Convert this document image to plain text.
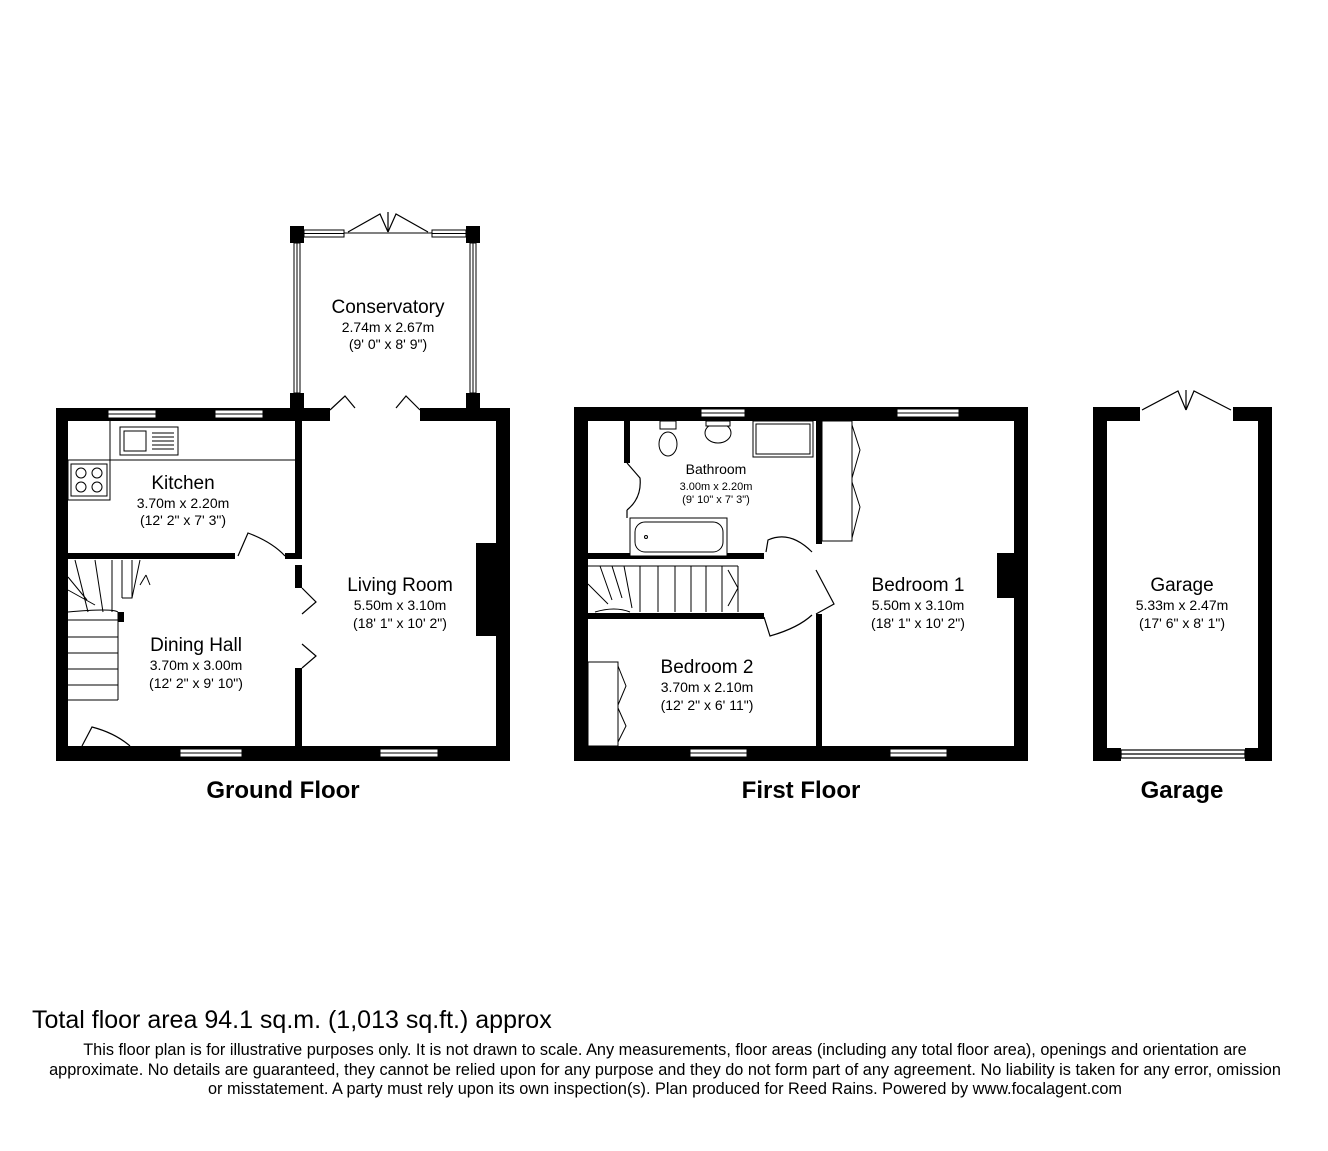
Conservatory
2.74m x 2.67m
(9' 0" x 8' 9")
Kitchen
3.70m x 2.20m
(12' 2" x 7' 3")
Dining Hall
3.70m x 3.00m
(12' 2" x 9' 10")
Living Room
5.50m x 3.10m
(18' 1" x 10' 2")
Bathroom
3.00m x 2.20m
(9' 10" x 7' 3")
Bedroom 1
5.50m x 3.10m
(18' 1" x 10' 2")
Bedroom 2
3.70m x 2.10m
(12' 2" x 6' 11")
Garage
5.33m x 2.47m
(17' 6" x 8' 1")
Ground Floor	First Floor	Garage

Total floor area 94.1 sq.m. (1,013 sq.ft.) approx

This floor plan is for illustrative purposes only. It is not drawn to scale. Any measurements, floor areas (including any total floor area), openings and orientation are approximate. No details are guaranteed, they cannot be relied upon for any purpose and they do not form part of any agreement. No liability is taken for any error, omission or misstatement. A party must rely upon its own inspection(s). Plan produced for Reed Rains. Powered by www.focalagent.com
